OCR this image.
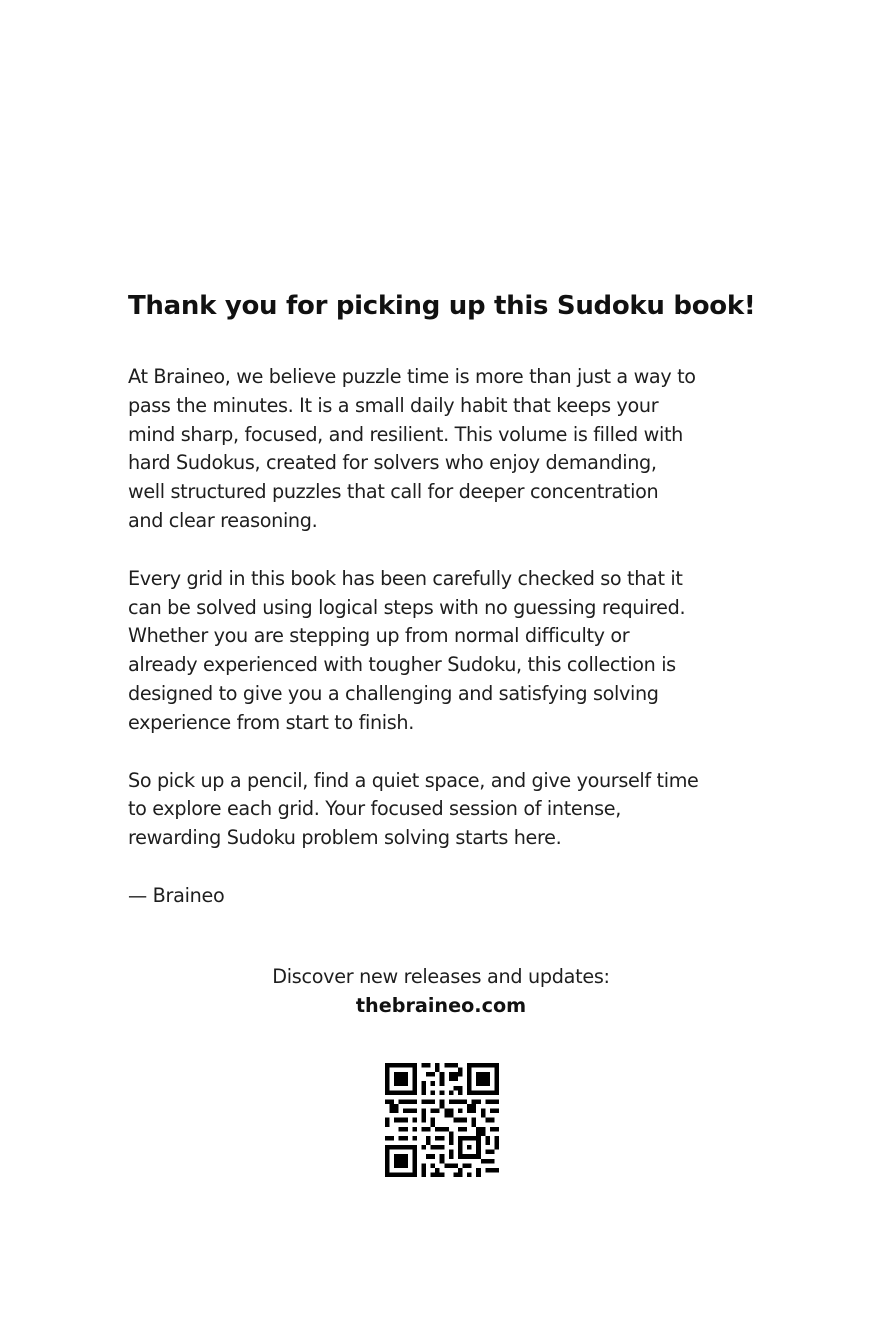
Thank you for picking up this Sudoku book!

At Braineo, we believe puzzle time is more than just a way to
pass the minutes. It is a small daily habit that keeps your
mind sharp, focused, and resilient. This volume is filled with
hard Sudokus, created for solvers who enjoy demanding,
well structured puzzles that call for deeper concentration
and clear reasoning.

Every grid in this book has been carefully checked so that it
can be solved using logical steps with no guessing required.
Whether you are stepping up from normal difficulty or
already experienced with tougher Sudoku, this collection is
designed to give you a challenging and satisfying solving
experience from start to finish.

So pick up a pencil, find a quiet space, and give yourself time
to explore each grid. Your focused session of intense,
rewarding Sudoku problem solving starts here.

— Braineo

Discover new releases and updates:
thebraineo.com
